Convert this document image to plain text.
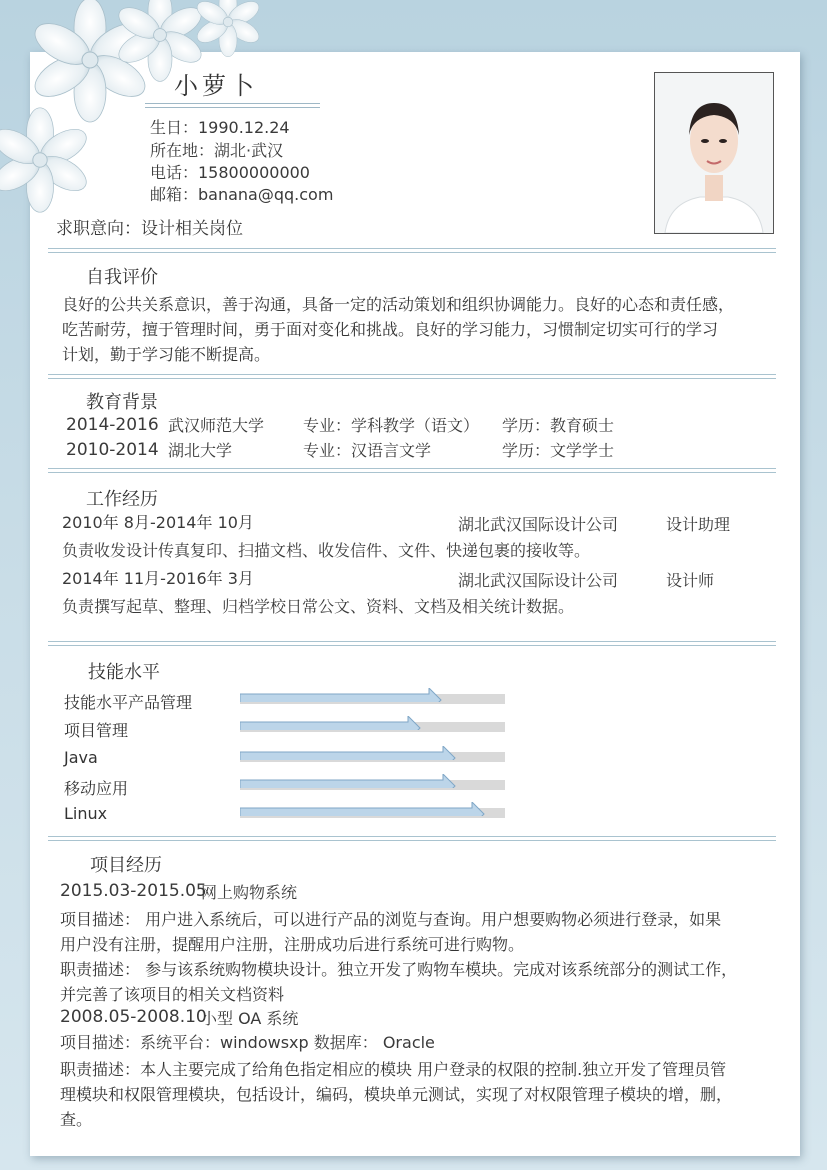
小萝卜
生日：1990.12.24
所在地：湖北·武汉
电话：15800000000
邮箱：banana@qq.com
求职意向：设计相关岗位
自我评价
良好的公共关系意识，善于沟通，具备一定的活动策划和组织协调能力。良好的心态和责任感，
吃苦耐劳，擅于管理时间，勇于面对变化和挑战。良好的学习能力，习惯制定切实可行的学习
计划，勤于学习能不断提高。
教育背景
2014-2016 武汉师范大学 专业：学科教学（语文） 学历：教育硕士
2010-2014 湖北大学	专业：汉语言文学	学历：文学学士
工作经历
2010年 8月-2014年 10月	湖北武汉国际设计公司	设计助理
负责收发设计传真复印、扫描文档、收发信件、文件、快递包裹的接收等。
2014年 11月-2016年 3月	湖北武汉国际设计公司	设计师
负责撰写起草、整理、归档学校日常公文、资料、文档及相关统计数据。
技能水平
技能水平产品管理
项目管理
Java
移动应用
Linux
项目经历
2015.03-2015.05
网上购物系统
项目描述： 用户进入系统后，可以进行产品的浏览与查询。用户想要购物必须进行登录，如果
用户没有注册，提醒用户注册，注册成功后进行系统可进行购物。
职责描述： 参与该系统购物模块设计。独立开发了购物车模块。完成对该系统部分的测试工作，
并完善了该项目的相关文档资料
2008.05-2008.10
小型 OA 系统
项目描述：系统平台：windowsxp 数据库： Oracle
职责描述：本人主要完成了给角色指定相应的模块 用户登录的权限的控制.独立开发了管理员管
理模块和权限管理模块，包括设计，编码，模块单元测试，实现了对权限管理子模块的增，删，
查。
